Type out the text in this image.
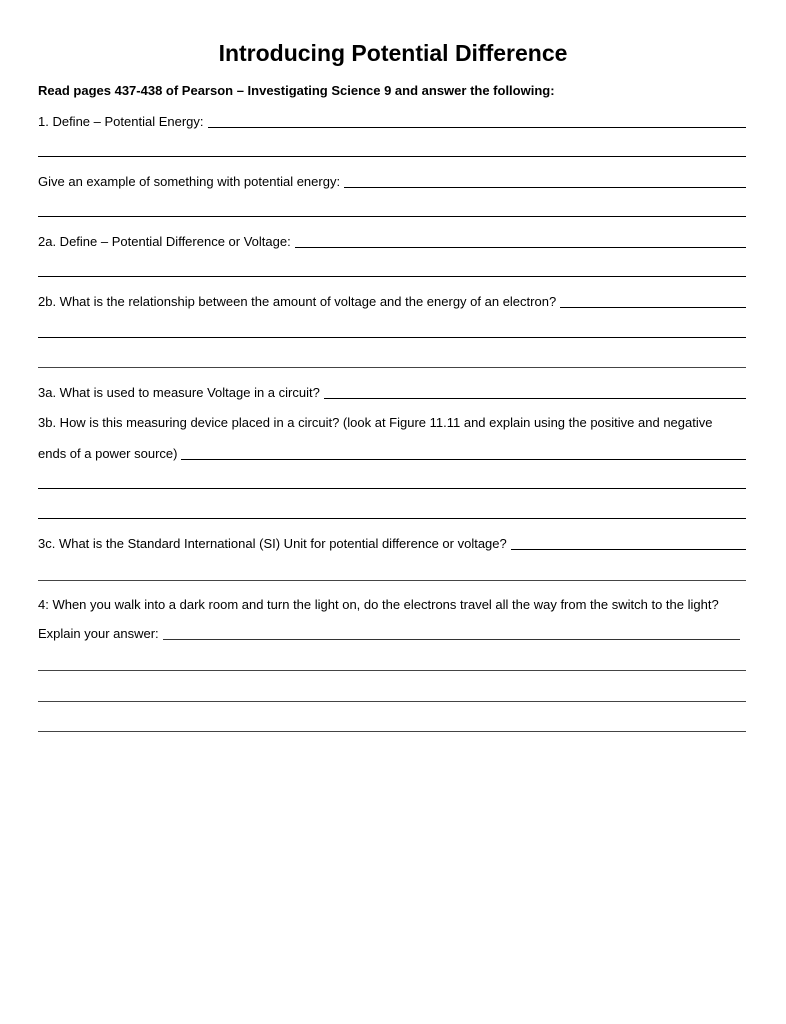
Introducing Potential Difference
Read pages 437-438 of Pearson – Investigating Science 9 and answer the following:
1. Define – Potential Energy:
Give an example of something with potential energy:
2a. Define – Potential Difference or Voltage:
2b. What is the relationship between the amount of voltage and the energy of an electron?
3a. What is used to measure Voltage in a circuit?
3b. How is this measuring device placed in a circuit? (look at Figure 11.11 and explain using the positive and negative
ends of a power source)
3c. What is the Standard International (SI) Unit for potential difference or voltage?
4: When you walk into a dark room and turn the light on, do the electrons travel all the way from the switch to the light?
Explain your answer:
